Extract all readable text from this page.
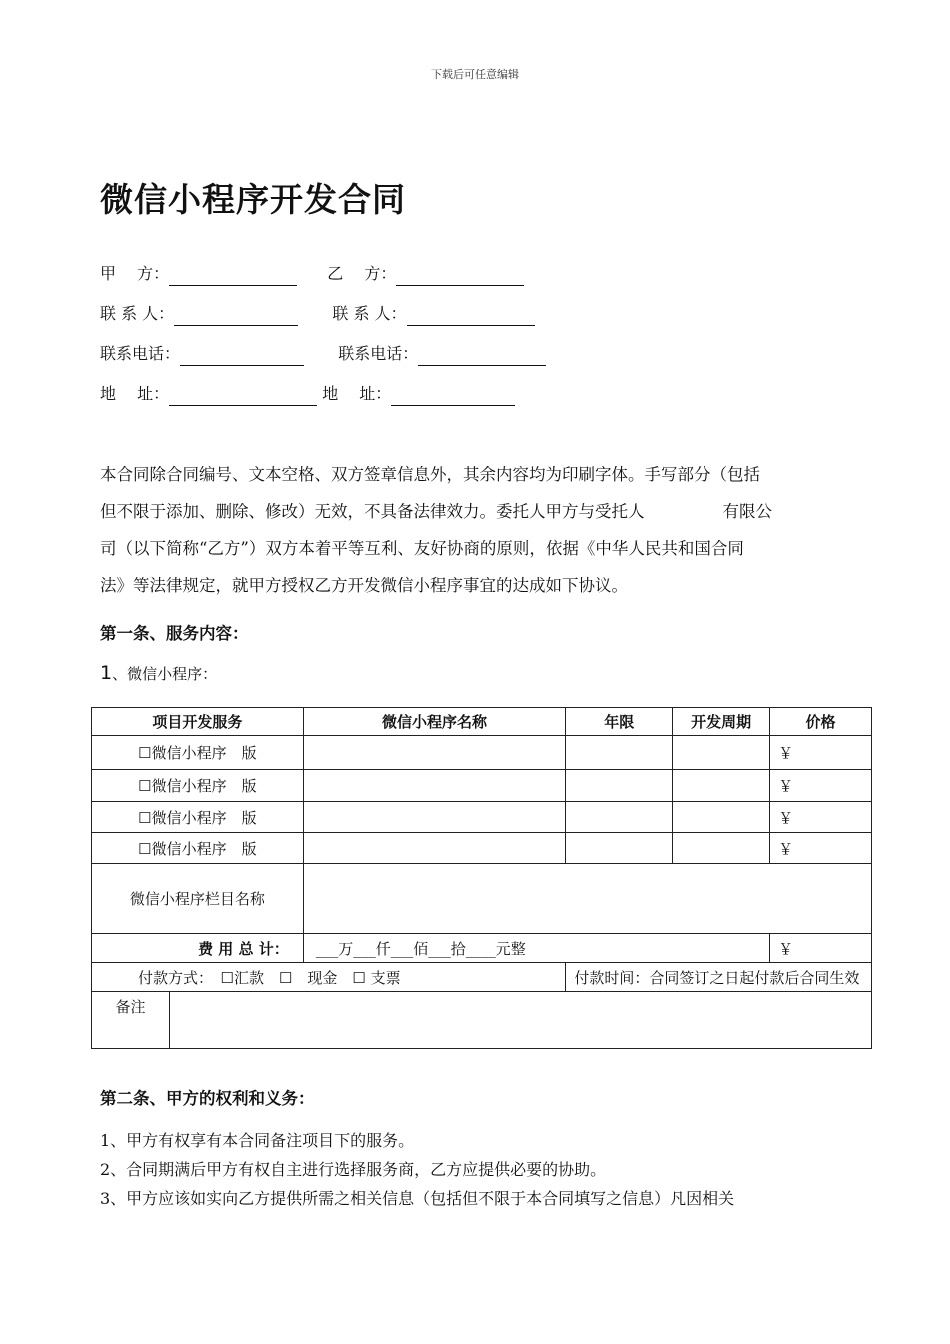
下载后可任意编辑
微信小程序开发合同
甲　 方：	乙　 方：
联 系 人：	联 系 人：
联系电话：	联系电话：
地　 址：	地　 址：
本合同除合同编号、文本空格、双方签章信息外，其余内容均为印刷字体。手写部分（包括
但不限于添加、删除、修改）无效，不具备法律效力。委托人甲方与受托人	有限公
司（以下简称“乙方”）双方本着平等互利、友好协商的原则，依据《中华人民共和国合同
法》等法律规定，就甲方授权乙方开发微信小程序事宜的达成如下协议。
第一条、服务内容：
1、微信小程序：
项目开发服务		微信小程序名称	年限	开发周期	价格
☐微信小程序　版					￥
☐微信小程序　版					￥
☐微信小程序　版					￥
☐微信小程序　版					￥
微信小程序栏目名称					
费 用 总 计：		___万___仟___佰___拾____元整			￥
付款方式：　☐汇款　☐　现金　☐ 支票			付款时间：合同签订之日起付款后合同生效		
备注					
第二条、甲方的权利和义务：
1、甲方有权享有本合同备注项目下的服务。
2、合同期满后甲方有权自主进行选择服务商，乙方应提供必要的协助。
3、甲方应该如实向乙方提供所需之相关信息（包括但不限于本合同填写之信息）凡因相关
